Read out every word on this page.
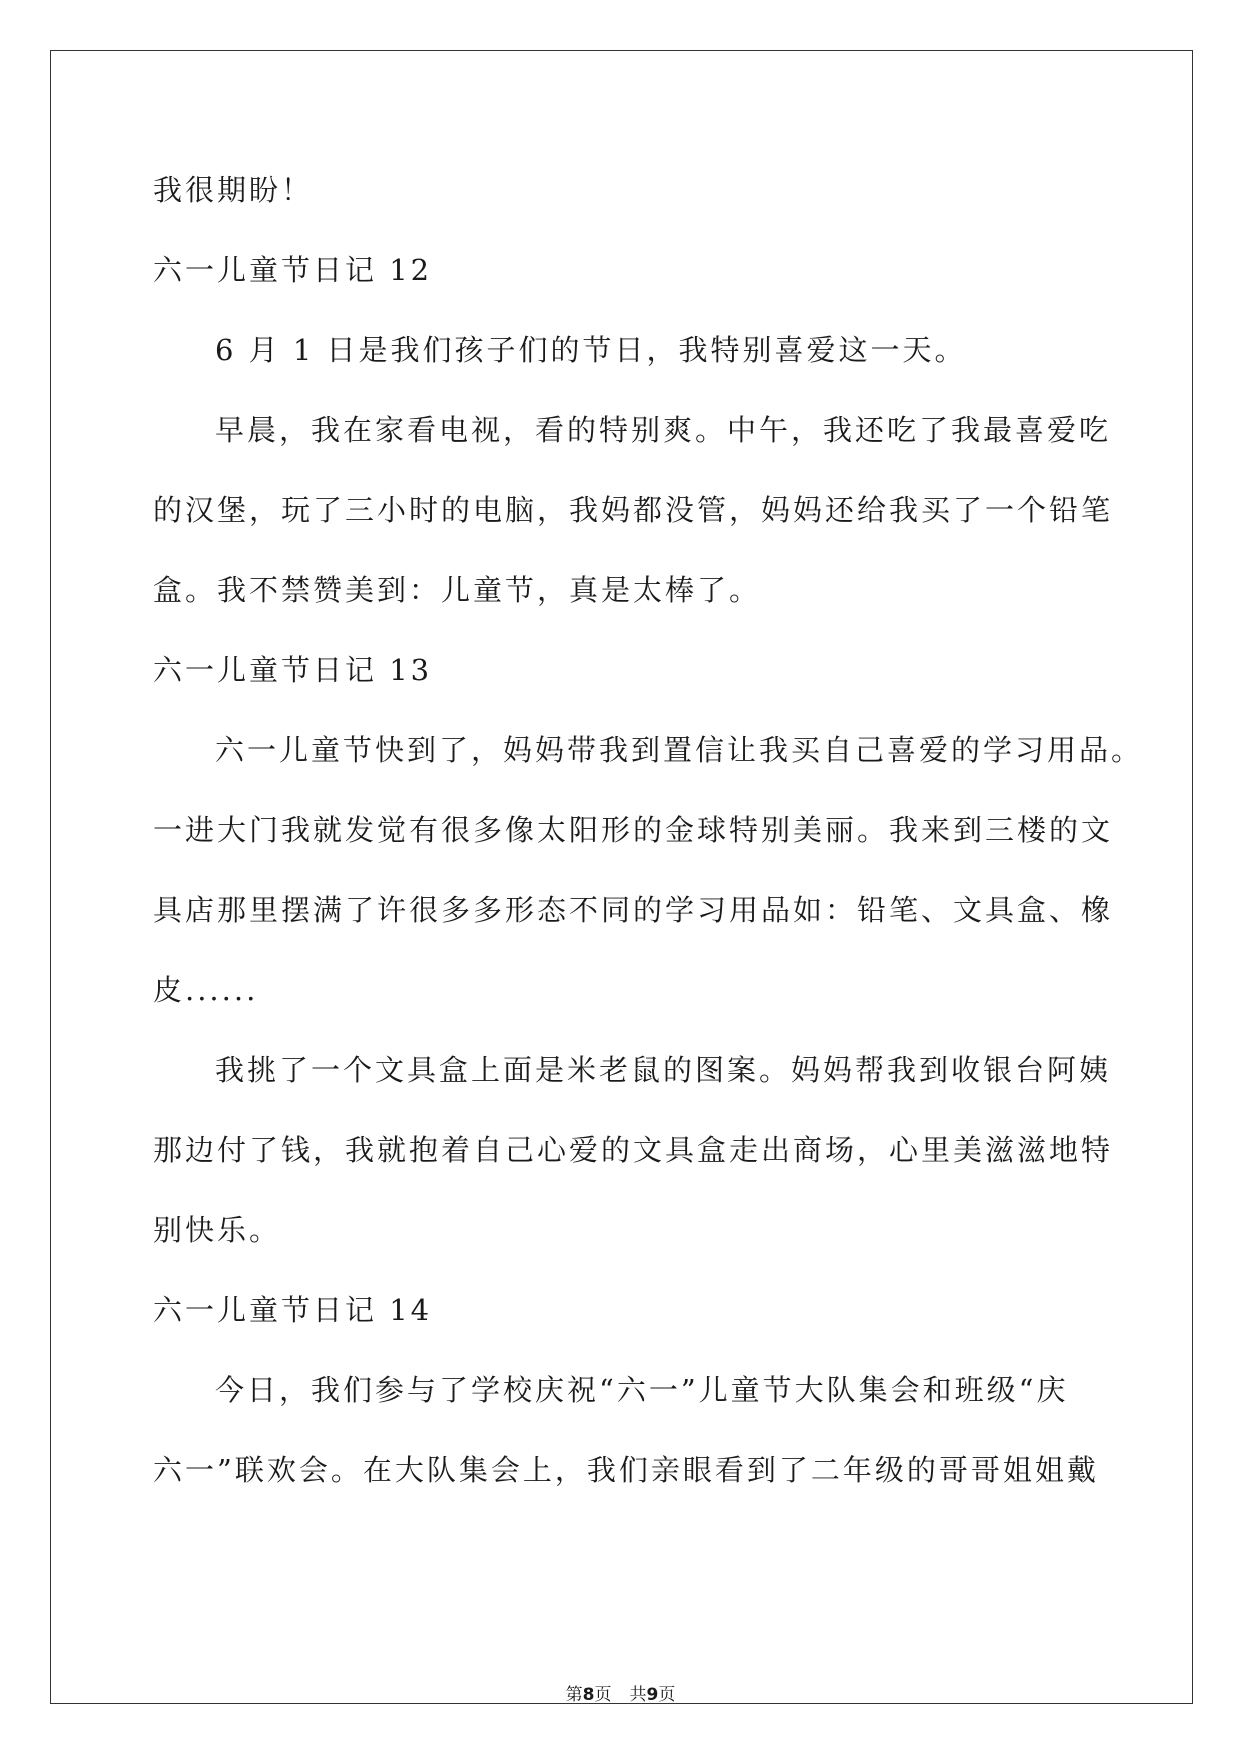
我很期盼！
六一儿童节日记 12
6 月 1 日是我们孩子们的节日，我特别喜爱这一天。
早晨，我在家看电视，看的特别爽。中午，我还吃了我最喜爱吃
的汉堡，玩了三小时的电脑，我妈都没管，妈妈还给我买了一个铅笔
盒。我不禁赞美到：儿童节，真是太棒了。
六一儿童节日记 13
六一儿童节快到了，妈妈带我到置信让我买自己喜爱的学习用品。
一进大门我就发觉有很多像太阳形的金球特别美丽。我来到三楼的文
具店那里摆满了许很多多形态不同的学习用品如：铅笔、文具盒、橡
皮......
我挑了一个文具盒上面是米老鼠的图案。妈妈帮我到收银台阿姨
那边付了钱，我就抱着自己心爱的文具盒走出商场，心里美滋滋地特
别快乐。
六一儿童节日记 14
今日，我们参与了学校庆祝“六一”儿童节大队集会和班级“庆
六一”联欢会。在大队集会上，我们亲眼看到了二年级的哥哥姐姐戴
第8页 共9页
